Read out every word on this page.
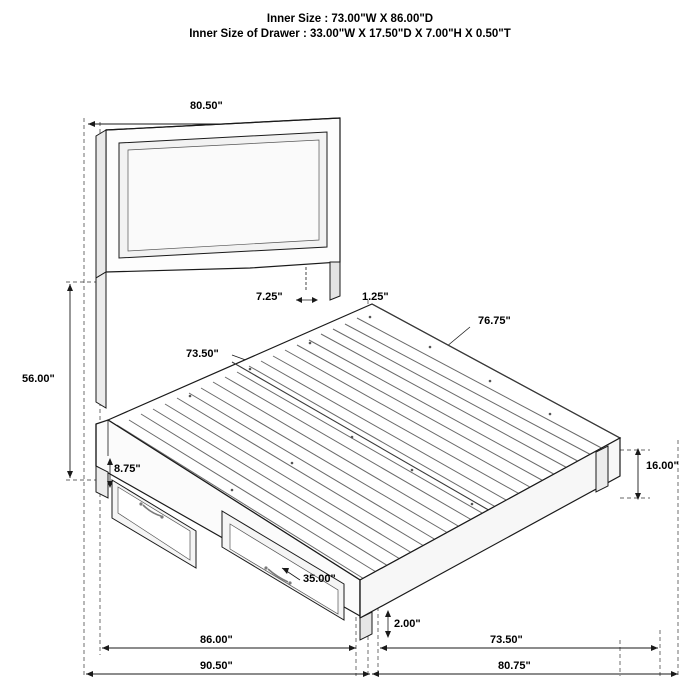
Inner Size : 73.00"W X 86.00"D
Inner Size of Drawer : 33.00"W X 17.50"D X 7.00"H X 0.50"T
80.50"
56.00"
7.25"	1.25"
76.75"
73.50"
8.75"	16.00"
35.00"
2.00"
86.00"	73.50"
90.50"	80.75"
